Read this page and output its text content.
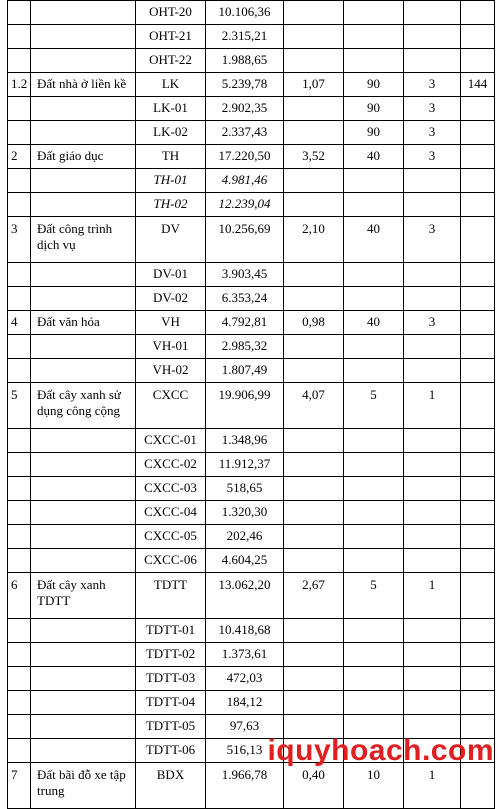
		OHT-20	10.106,36				
		OHT-21	2.315,21				
		OHT-22	1.988,65				
1.2	Đất nhà ở liền kề	LK	5.239,78	1,07	90	3	144
		LK-01	2.902,35		90	3	
		LK-02	2.337,43		90	3	
2	Đất giáo dục	TH	17.220,50	3,52	40	3	
		TH-01	4.981,46				
		TH-02	12.239,04				
3	Đất công trình dịch vụ	DV	10.256,69	2,10	40	3	
		DV-01	3.903,45				
		DV-02	6.353,24				
4	Đất văn hóa	VH	4.792,81	0,98	40	3	
		VH-01	2.985,32				
		VH-02	1.807,49				
5	Đất cây xanh sử dụng công cộng	CXCC	19.906,99	4,07	5	1	
		CXCC-01	1.348,96				
		CXCC-02	11.912,37				
		CXCC-03	518,65				
		CXCC-04	1.320,30				
		CXCC-05	202,46				
		CXCC-06	4.604,25				
6	Đất cây xanh TDTT	TDTT	13.062,20	2,67	5	1	
		TDTT-01	10.418,68				
		TDTT-02	1.373,61				
		TDTT-03	472,03				
		TDTT-04	184,12				
		TDTT-05	97,63				
		TDTT-06	516,13				
7	Đất bãi đỗ xe tập trung	BDX	1.966,78	0,40	10	1	
iquyhoach.com
